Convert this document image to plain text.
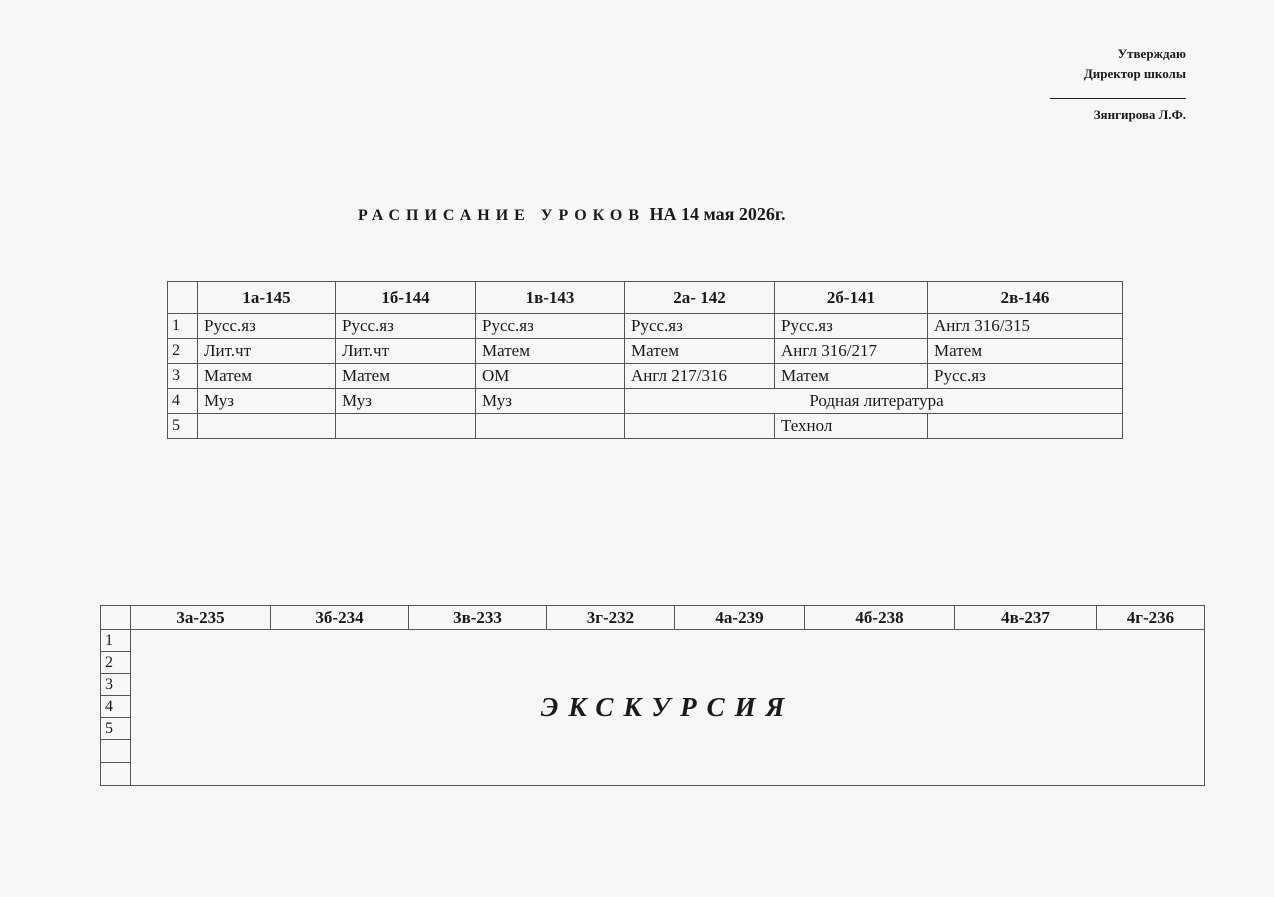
Утверждаю
Директор школы
Зянгирова Л.Ф.
РАСПИСАНИЕ УРОКОВ НА 14 мая 2026г.
	1а-145	1б-144	1в-143	2а- 142	2б-141	2в-146
1	Русс.яз	Русс.яз	Русс.яз	Русс.яз	Русс.яз	Англ 316/315
2	Лит.чт	Лит.чт	Матем	Матем	Англ 316/217	Матем
3	Матем	Матем	ОМ	Англ 217/316	Матем	Русс.яз
4	Муз	Муз	Муз	Родная литература		
5					Технол	
	3а-235	3б-234	3в-233	3г-232	4а-239	4б-238	4в-237	4г-236
1	ЭКСКУРСИЯ							
2								
3								
4								
5								
